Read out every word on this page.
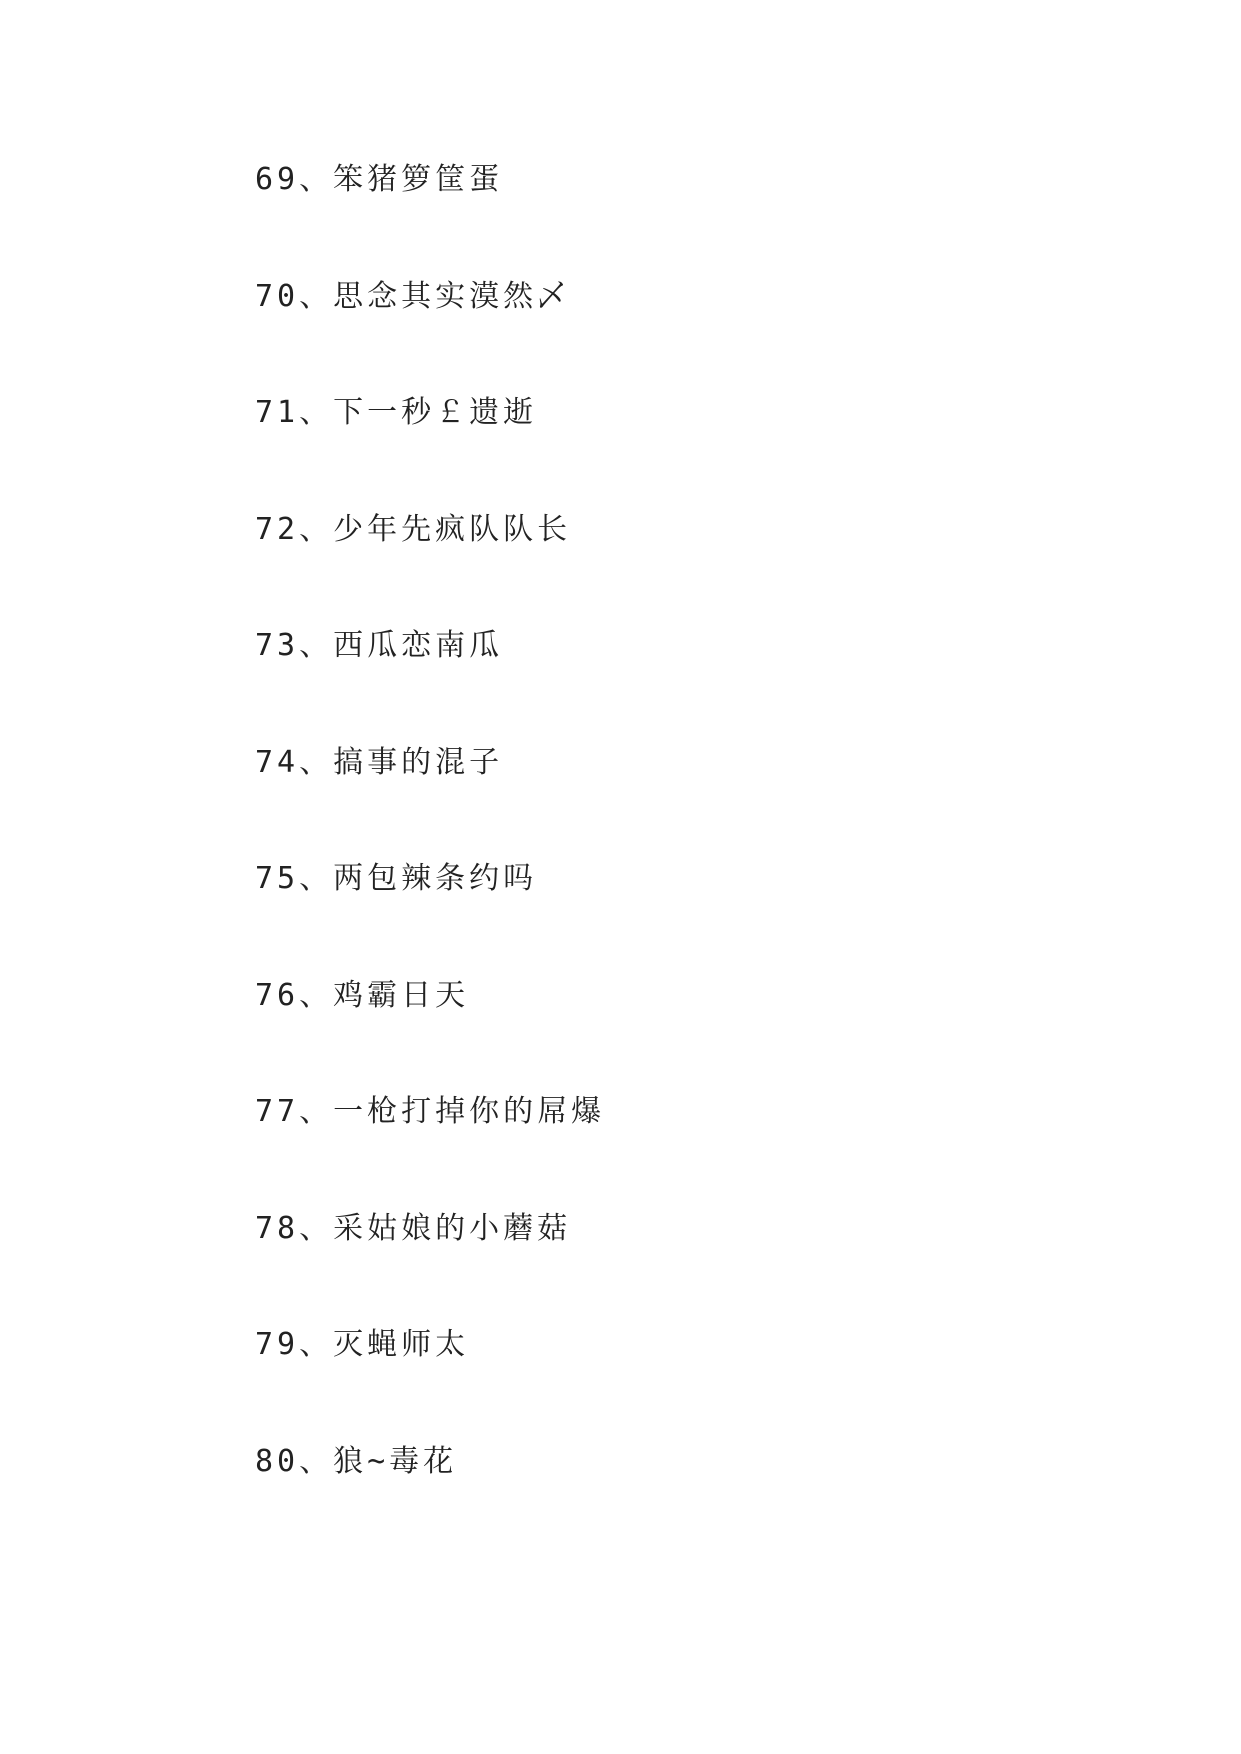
69、笨猪箩筐蛋
70、思念其实漠然乄
71、下一秒￡遗逝
72、少年先疯队队长
73、西瓜恋南瓜
74、搞事的混子
75、两包辣条约吗
76、鸡霸日天
77、一枪打掉你的屌爆
78、采姑娘的小蘑菇
79、灭蝇师太
80、狼~毒花
